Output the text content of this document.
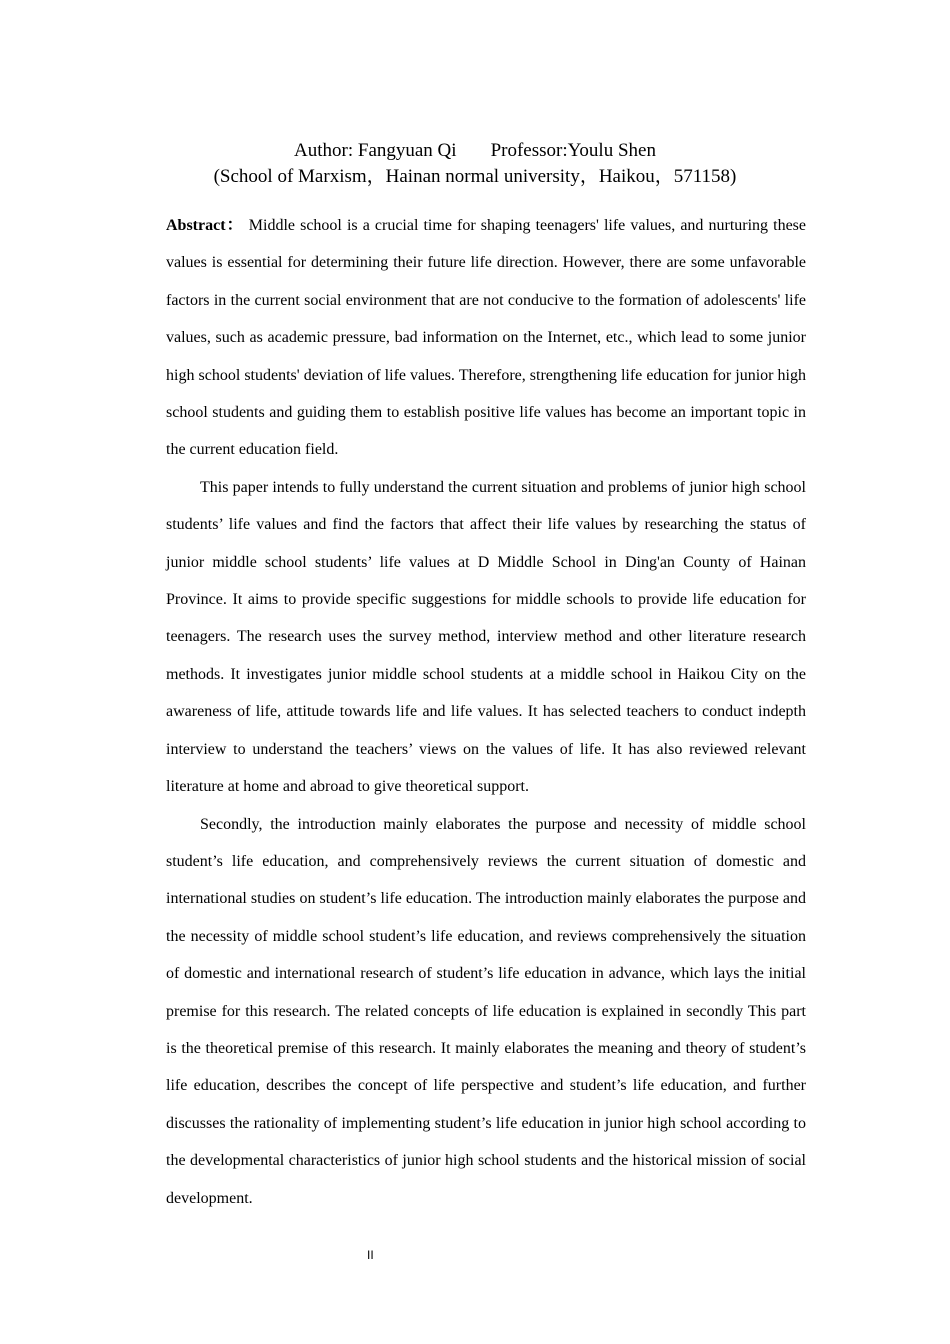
Author: Fangyuan Qi Professor:Youlu Shen
(School of Marxism，Hainan normal university，Haikou，571158)

Abstract： Middle school is a crucial time for shaping teenagers' life values, and nurturing these values is essential for determining their future life direction. However, there are some unfavorable factors in the current social environment that are not conducive to the formation of adolescents' life values, such as academic pressure, bad information on the Internet, etc., which lead to some junior high school students' deviation of life values. Therefore, strengthening life education for junior high school students and guiding them to establish positive life values has become an important topic in the current education field.

This paper intends to fully understand the current situation and problems of junior high school students’ life values and find the factors that affect their life values by researching the status of junior middle school students’ life values at D Middle School in Ding'an County of Hainan Province. It aims to provide specific suggestions for middle schools to provide life education for teenagers. The research uses the survey method, interview method and other literature research methods. It investigates junior middle school students at a middle school in Haikou City on the awareness of life, attitude towards life and life values. It has selected teachers to conduct indepth interview to understand the teachers’ views on the values of life. It has also reviewed relevant literature at home and abroad to give theoretical support.

Secondly, the introduction mainly elaborates the purpose and necessity of middle school student’s life education, and comprehensively reviews the current situation of domestic and international studies on student’s life education. The introduction mainly elaborates the purpose and the necessity of middle school student’s life education, and reviews comprehensively the situation of domestic and international research of student’s life education in advance, which lays the initial premise for this research. The related concepts of life education is explained in secondly This part is the theoretical premise of this research. It mainly elaborates the meaning and theory of student’s life education, describes the concept of life perspective and student’s life education, and further discusses the rationality of implementing student’s life education in junior high school according to the developmental characteristics of junior high school students and the historical mission of social development.

II
